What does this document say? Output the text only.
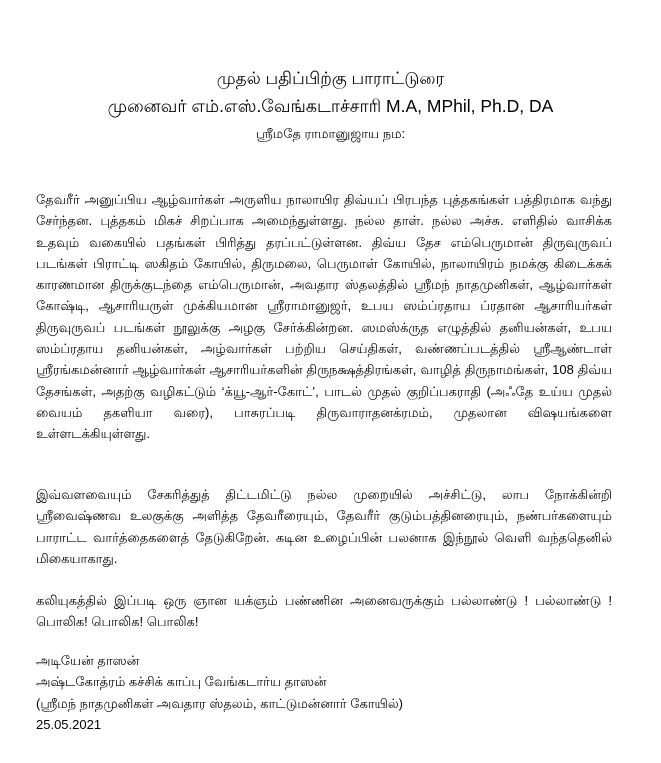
முதல் பதிப்பிற்கு பாராட்டுரை
முனைவர் எம்.எஸ்.வேங்கடாச்சாரி M.A, MPhil, Ph.D, DA
ஸ்ரீமதே ராமானுஜாய நம:

தேவரீர் அனுப்பிய ஆழ்வார்கள் அருளிய நாலாயிர திவ்யப் பிரபந்த புத்தகங்கள் பத்திரமாக வந்து சேர்ந்தன. புத்தகம் மிகச் சிறப்பாக அமைந்துள்ளது. நல்ல தாள். நல்ல அச்சு. எளிதில் வாசிக்க உதவும் வகையில் பதங்கள் பிரித்து தரப்பட்டுள்ளன. திவ்ய தேச எம்பெருமான் திருவுருவப் படங்கள் பிராட்டி ஸகிதம் கோயில், திருமலை, பெருமாள் கோயில், நாலாயிரம் நமக்கு கிடைக்கக் காரணமான திருக்குடந்தை எம்பெருமான், அவதார ஸ்தலத்தில் ஸ்ரீமந் நாதமுனிகள், ஆழ்வார்கள் கோஷ்டி, ஆசாரியருள் முக்கியமான ஸ்ரீராமானுஜர், உபய ஸம்ப்ரதாய ப்ரதான ஆசாரியர்கள் திருவுருவப் படங்கள் நூலுக்கு அழகு சேர்க்கின்றன. ஸமஸ்க்ருத எழுத்தில் தனியன்கள், உபய ஸம்ப்ரதாய தனியன்கள், அழ்வார்கள் பற்றிய செய்திகள், வண்ணப்படத்தில் ஸ்ரீஆண்டாள் ஸ்ரீரங்கமன்னார் ஆழ்வார்கள் ஆசாரியர்களின் திருநக்ஷத்திரங்கள், வாழித் திருநாமங்கள், 108 திவ்ய தேசங்கள், அதற்கு வழிகட்டும் ‘க்யூ-ஆர்-கோட்’, பாடல் முதல் குறிப்பகராதி (அஃதே உய்ய முதல் வையம் தகளியா வரை), பாசுரப்படி திருவாராதனக்ரமம், முதலான விஷயங்களை உள்ளடக்கியுள்ளது.

இவ்வளவையும் சேகரித்துத் திட்டமிட்டு நல்ல முறையில் அச்சிட்டு, லாப நோக்கின்றி ஸ்ரீவைஷ்ணவ உலகுக்கு அளித்த தேவரீரையும், தேவரீர் குடும்பத்தினரையும், நண்பர்களையும் பாராட்ட வார்த்தைகளைத் தேடுகிறேன். கடின உழைப்பின் பலனாக இந்நூல் வெளி வந்ததெனில் மிகையாகாது.

கலியுகத்தில் இப்படி ஒரு ஞான யக்ஞம் பண்ணின அனைவருக்கும் பல்லாண்டு ! பல்லாண்டு ! பொலிக! பொலிக! பொலிக!

அடியேன் தாஸன்
அஷ்டகோத்ரம் கச்சிக் காப்பு வேங்கடார்ய தாஸன்
(ஸ்ரீமந் நாதமுனிகள் அவதார ஸ்தலம், காட்டுமன்னார் கோயில்)
25.05.2021
